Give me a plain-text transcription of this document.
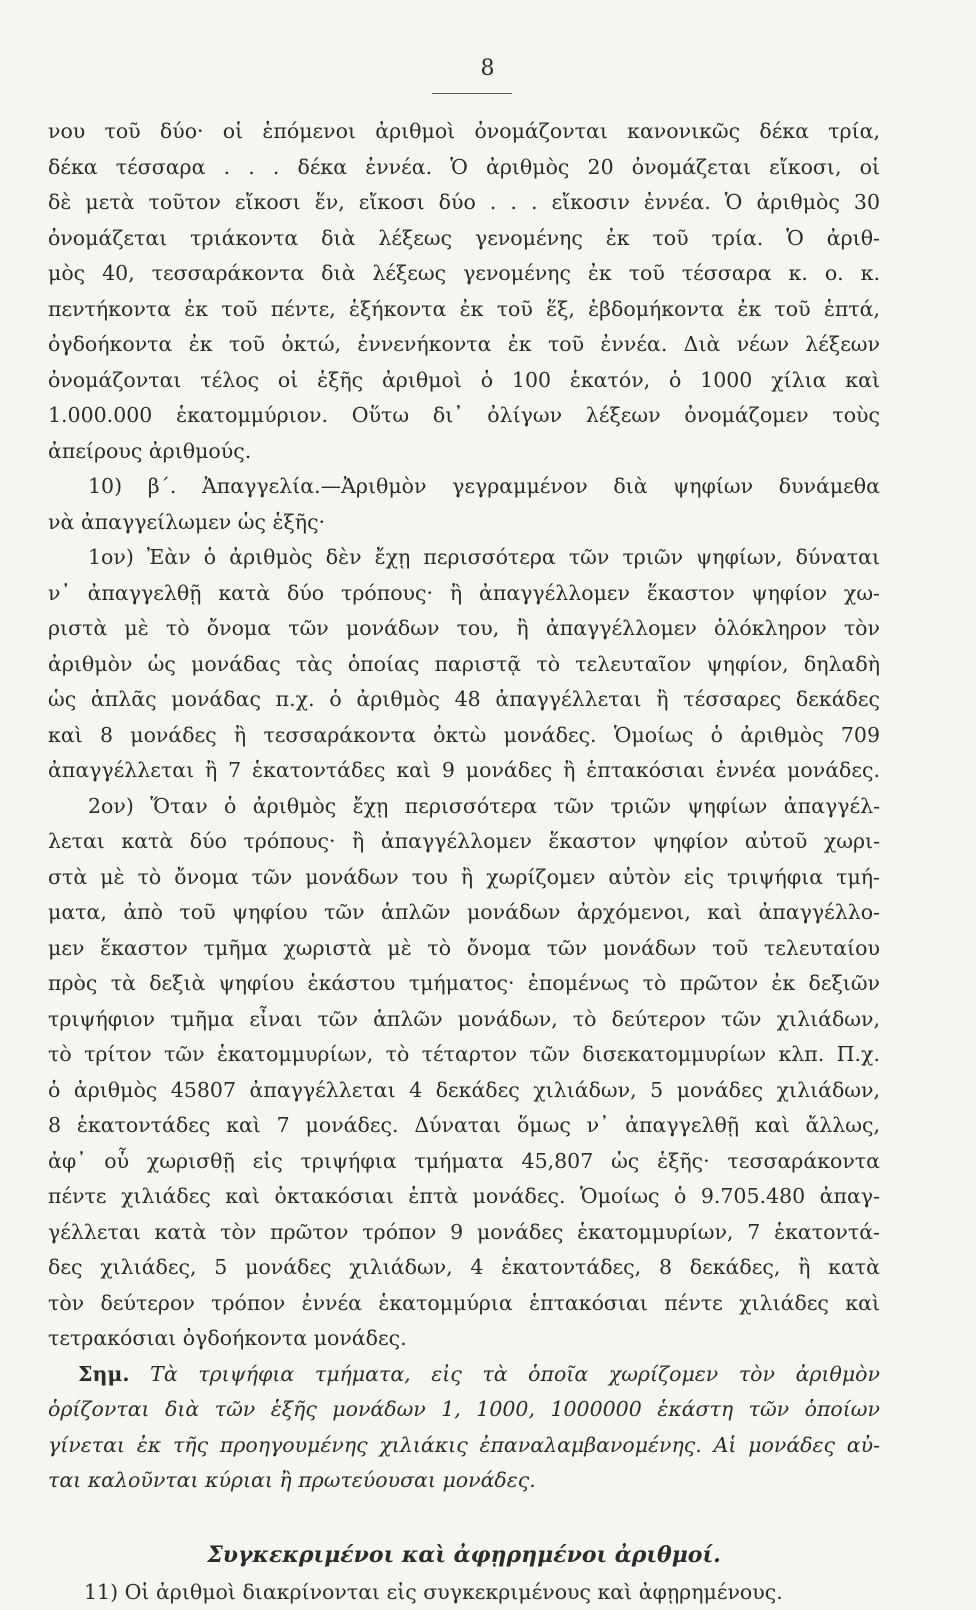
8
νου τοῦ δύο· οἱ ἑπόμενοι ἀριθμοὶ ὀνομάζονται κανονικῶς δέκα τρία,
δέκα τέσσαρα . . . δέκα ἐννέα. Ὁ ἀριθμὸς 20 ὀνομάζεται εἴκοσι, οἱ
δὲ μετὰ τοῦτον εἴκοσι ἕν, εἴκοσι δύο . . . εἴκοσιν ἐννέα. Ὁ ἀριθμὸς 30
ὀνομάζεται τριάκοντα διὰ λέξεως γενομένης ἐκ τοῦ τρία. Ὁ ἀριθ-
μὸς 40, τεσσαράκοντα διὰ λέξεως γενομένης ἐκ τοῦ τέσσαρα κ. ο. κ.
πεντήκοντα ἐκ τοῦ πέντε, ἑξήκοντα ἐκ τοῦ ἕξ, ἑβδομήκοντα ἐκ τοῦ ἑπτά,
ὀγδοήκοντα ἐκ τοῦ ὀκτώ, ἐννενήκοντα ἐκ τοῦ ἐννέα. Διὰ νέων λέξεων
ὀνομάζονται τέλος οἱ ἑξῆς ἀριθμοὶ ὁ 100 ἑκατόν, ὁ 1000 χίλια καὶ
1.000.000 ἑκατομμύριον. Οὕτω δι᾿ ὀλίγων λέξεων ὀνομάζομεν τοὺς
ἀπείρους ἀριθμούς.
10) β΄. Ἀπαγγελία.—Ἀριθμὸν γεγραμμένον διὰ ψηφίων δυνάμεθα
νὰ ἀπαγγείλωμεν ὡς ἑξῆς·
1ον) Ἐὰν ὁ ἀριθμὸς δὲν ἔχῃ περισσότερα τῶν τριῶν ψηφίων, δύναται
ν᾿ ἀπαγγελθῇ κατὰ δύο τρόπους· ἢ ἀπαγγέλλομεν ἕκαστον ψηφίον χω-
ριστὰ μὲ τὸ ὄνομα τῶν μονάδων του, ἢ ἀπαγγέλλομεν ὁλόκληρον τὸν
ἀριθμὸν ὡς μονάδας τὰς ὁποίας παριστᾷ τὸ τελευταῖον ψηφίον, δηλαδὴ
ὡς ἁπλᾶς μονάδας π.χ. ὁ ἀριθμὸς 48 ἀπαγγέλλεται ἢ τέσσαρες δεκάδες
καὶ 8 μονάδες ἢ τεσσαράκοντα ὀκτὼ μονάδες. Ὁμοίως ὁ ἀριθμὸς 709
ἀπαγγέλλεται ἢ 7 ἑκατοντάδες καὶ 9 μονάδες ἢ ἑπτακόσιαι ἐννέα μονάδες.
2ον) Ὅταν ὁ ἀριθμὸς ἔχῃ περισσότερα τῶν τριῶν ψηφίων ἀπαγγέλ-
λεται κατὰ δύο τρόπους· ἢ ἀπαγγέλλομεν ἕκαστον ψηφίον αὐτοῦ χωρι-
στὰ μὲ τὸ ὄνομα τῶν μονάδων του ἢ χωρίζομεν αὐτὸν εἰς τριψήφια τμή-
ματα, ἀπὸ τοῦ ψηφίου τῶν ἁπλῶν μονάδων ἀρχόμενοι, καὶ ἀπαγγέλλο-
μεν ἕκαστον τμῆμα χωριστὰ μὲ τὸ ὄνομα τῶν μονάδων τοῦ τελευταίου
πρὸς τὰ δεξιὰ ψηφίου ἑκάστου τμήματος· ἑπομένως τὸ πρῶτον ἐκ δεξιῶν
τριψήφιον τμῆμα εἶναι τῶν ἁπλῶν μονάδων, τὸ δεύτερον τῶν χιλιάδων,
τὸ τρίτον τῶν ἑκατομμυρίων, τὸ τέταρτον τῶν δισεκατομμυρίων κλπ. Π.χ.
ὁ ἀριθμὸς 45807 ἀπαγγέλλεται 4 δεκάδες χιλιάδων, 5 μονάδες χιλιάδων,
8 ἑκατοντάδες καὶ 7 μονάδες. Δύναται ὅμως ν᾿ ἀπαγγελθῇ καὶ ἄλλως,
ἀφ᾿ οὗ χωρισθῇ εἰς τριψήφια τμήματα 45,807 ὡς ἑξῆς· τεσσαράκοντα
πέντε χιλιάδες καὶ ὀκτακόσιαι ἑπτὰ μονάδες. Ὁμοίως ὁ 9.705.480 ἀπαγ-
γέλλεται κατὰ τὸν πρῶτον τρόπον 9 μονάδες ἑκατομμυρίων, 7 ἑκατοντά-
δες χιλιάδες, 5 μονάδες χιλιάδων, 4 ἑκατοντάδες, 8 δεκάδες, ἢ κατὰ
τὸν δεύτερον τρόπον ἐννέα ἑκατομμύρια ἑπτακόσιαι πέντε χιλιάδες καὶ
τετρακόσιαι ὀγδοήκοντα μονάδες.
Σημ. Τὰ τριψήφια τμήματα, εἰς τὰ ὁποῖα χωρίζομεν τὸν ἀριθμὸν
ὁρίζονται διὰ τῶν ἑξῆς μονάδων 1, 1000, 1000000 ἑκάστη τῶν ὁποίων
γίνεται ἐκ τῆς προηγουμένης χιλιάκις ἐπαναλαμβανομένης. Αἱ μονάδες αὐ-
ται καλοῦνται κύριαι ἢ πρωτεύουσαι μονάδες.
Συγκεκριμένοι καὶ ἀφῃρημένοι ἀριθμοί.
11) Οἱ ἀριθμοὶ διακρίνονται εἰς συγκεκριμένους καὶ ἀφῃρημένους.
